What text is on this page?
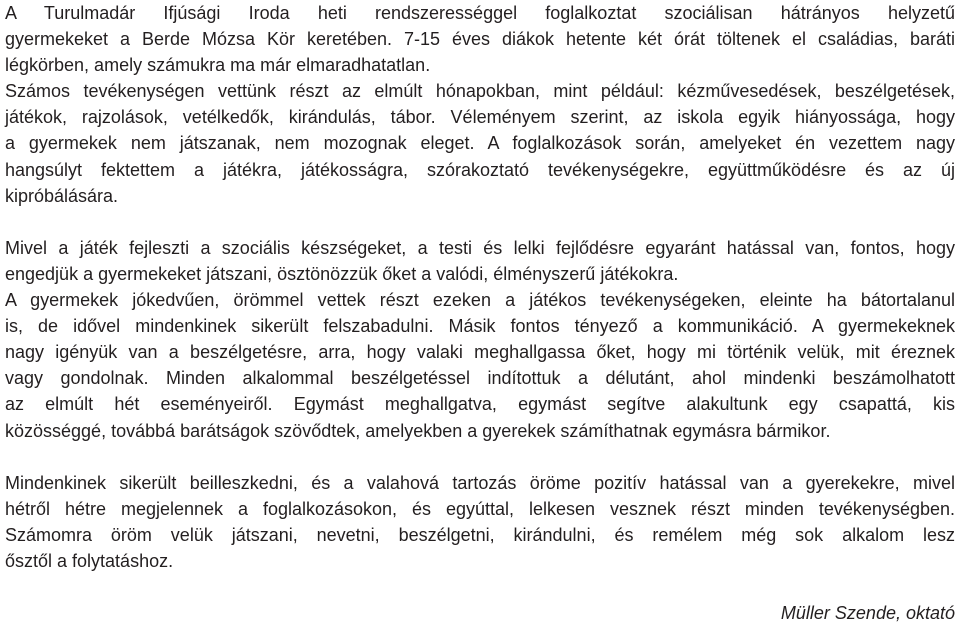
A Turulmadár Ifjúsági Iroda heti rendszerességgel foglalkoztat szociálisan hátrányos helyzetű
gyermekeket a Berde Mózsa Kör keretében. 7-15 éves diákok hetente két órát töltenek el családias, baráti
légkörben, amely számukra ma már elmaradhatatlan.
Számos tevékenységen vettünk részt az elmúlt hónapokban, mint például: kézművesedések, beszélgetések,
játékok, rajzolások, vetélkedők, kirándulás, tábor. Véleményem szerint, az iskola egyik hiányossága, hogy
a gyermekek nem játszanak, nem mozognak eleget. A foglalkozások során, amelyeket én vezettem nagy
hangsúlyt fektettem a játékra, játékosságra, szórakoztató tevékenységekre, együttműködésre és az új
kipróbálására.
Mivel a játék fejleszti a szociális készségeket, a testi és lelki fejlődésre egyaránt hatással van, fontos, hogy
engedjük a gyermekeket játszani, ösztönözzük őket a valódi, élményszerű játékokra.
A gyermekek jókedvűen, örömmel vettek részt ezeken a játékos tevékenységeken, eleinte ha bátortalanul
is, de idővel mindenkinek sikerült felszabadulni. Másik fontos tényező a kommunikáció. A gyermekeknek
nagy igényük van a beszélgetésre, arra, hogy valaki meghallgassa őket, hogy mi történik velük, mit éreznek
vagy gondolnak. Minden alkalommal beszélgetéssel indítottuk a délutánt, ahol mindenki beszámolhatott
az elmúlt hét eseményeiről. Egymást meghallgatva, egymást segítve alakultunk egy csapattá, kis
közösséggé, továbbá barátságok szövődtek, amelyekben a gyerekek számíthatnak egymásra bármikor.
Mindenkinek sikerült beilleszkedni, és a valahová tartozás öröme pozitív hatással van a gyerekekre, mivel
hétről hétre megjelennek a foglalkozásokon, és egyúttal, lelkesen vesznek részt minden tevékenységben.
Számomra öröm velük játszani, nevetni, beszélgetni, kirándulni, és remélem még sok alkalom lesz
ősztől a folytatáshoz.
Müller Szende, oktató
